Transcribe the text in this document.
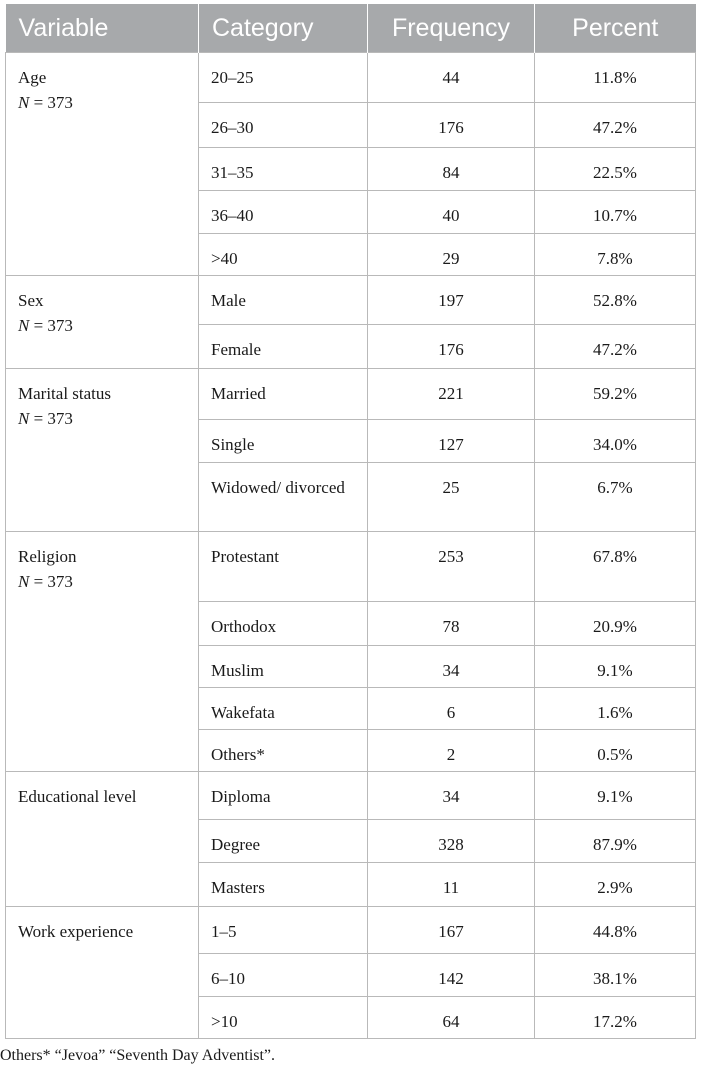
Variable	Category	Frequency	Percent

Age
N = 373	20–25	44	11.8%
	26–30	176	47.2%
	31–35	84	22.5%
	36–40	40	10.7%
	>40	29	7.8%

Sex
N = 373	Male	197	52.8%
	Female	176	47.2%

Marital status
N = 373	Married	221	59.2%
	Single	127	34.0%
	Widowed/ divorced	25	6.7%

Religion
N = 373	Protestant	253	67.8%
	Orthodox	78	20.9%
	Muslim	34	9.1%
	Wakefata	6	1.6%
	Others*	2	0.5%

Educational level	Diploma	34	9.1%
	Degree	328	87.9%
	Masters	11	2.9%

Work experience	1–5	167	44.8%
	6–10	142	38.1%
	>10	64	17.2%
Others* “Jevoa” “Seventh Day Adventist”.
